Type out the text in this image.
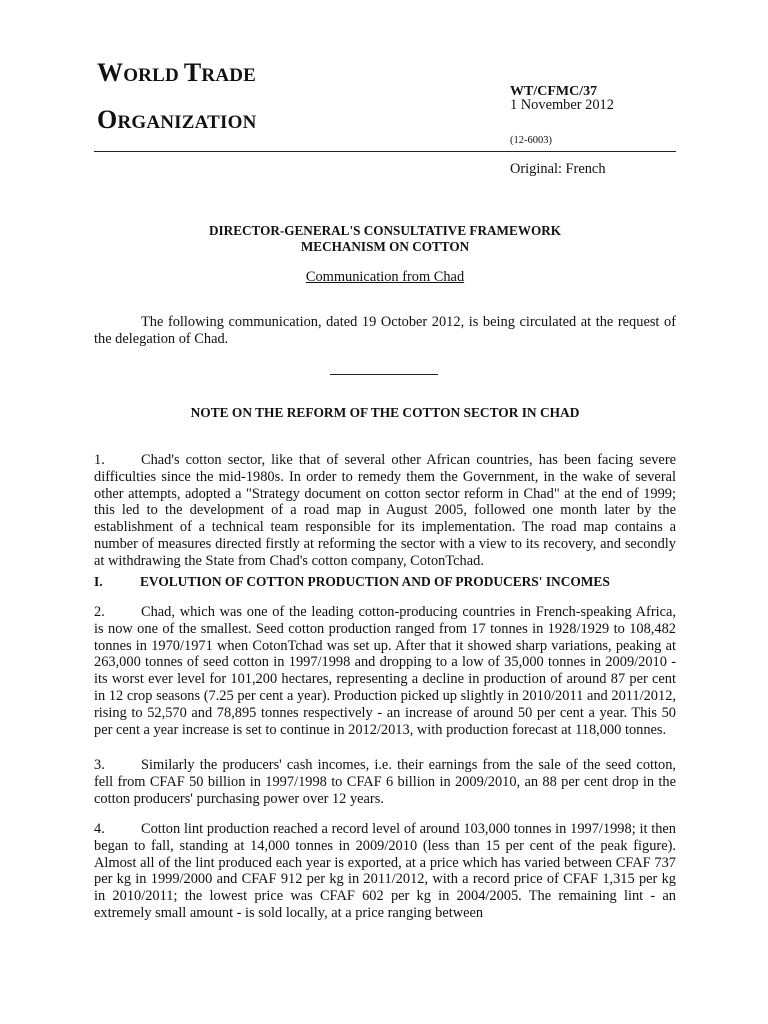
WORLD TRADE
ORGANIZATION
WT/CFMC/37
1 November 2012
(12-6003)
Original: French
DIRECTOR-GENERAL'S CONSULTATIVE FRAMEWORK
MECHANISM ON COTTON
Communication from Chad
The following communication, dated 19 October 2012, is being circulated at the request of the delegation of Chad.
NOTE ON THE REFORM OF THE COTTON SECTOR IN CHAD
1.	Chad's cotton sector, like that of several other African countries, has been facing severe difficulties since the mid-1980s. In order to remedy them the Government, in the wake of several other attempts, adopted a "Strategy document on cotton sector reform in Chad" at the end of 1999; this led to the development of a road map in August 2005, followed one month later by the establishment of a technical team responsible for its implementation. The road map contains a number of measures directed firstly at reforming the sector with a view to its recovery, and secondly at withdrawing the State from Chad's cotton company, CotonTchad.
I.	EVOLUTION OF COTTON PRODUCTION AND OF PRODUCERS' INCOMES
2.	Chad, which was one of the leading cotton-producing countries in French-speaking Africa, is now one of the smallest. Seed cotton production ranged from 17 tonnes in 1928/1929 to 108,482 tonnes in 1970/1971 when CotonTchad was set up. After that it showed sharp variations, peaking at 263,000 tonnes of seed cotton in 1997/1998 and dropping to a low of 35,000 tonnes in 2009/2010 - its worst ever level for 101,200 hectares, representing a decline in production of around 87 per cent in 12 crop seasons (7.25 per cent a year). Production picked up slightly in 2010/2011 and 2011/2012, rising to 52,570 and 78,895 tonnes respectively - an increase of around 50 per cent a year. This 50 per cent a year increase is set to continue in 2012/2013, with production forecast at 118,000 tonnes.
3.	Similarly the producers' cash incomes, i.e. their earnings from the sale of the seed cotton, fell from CFAF 50 billion in 1997/1998 to CFAF 6 billion in 2009/2010, an 88 per cent drop in the cotton producers' purchasing power over 12 years.
4.	Cotton lint production reached a record level of around 103,000 tonnes in 1997/1998; it then began to fall, standing at 14,000 tonnes in 2009/2010 (less than 15 per cent of the peak figure). Almost all of the lint produced each year is exported, at a price which has varied between CFAF 737 per kg in 1999/2000 and CFAF 912 per kg in 2011/2012, with a record price of CFAF 1,315 per kg in 2010/2011; the lowest price was CFAF 602 per kg in 2004/2005. The remaining lint - an extremely small amount - is sold locally, at a price ranging between
